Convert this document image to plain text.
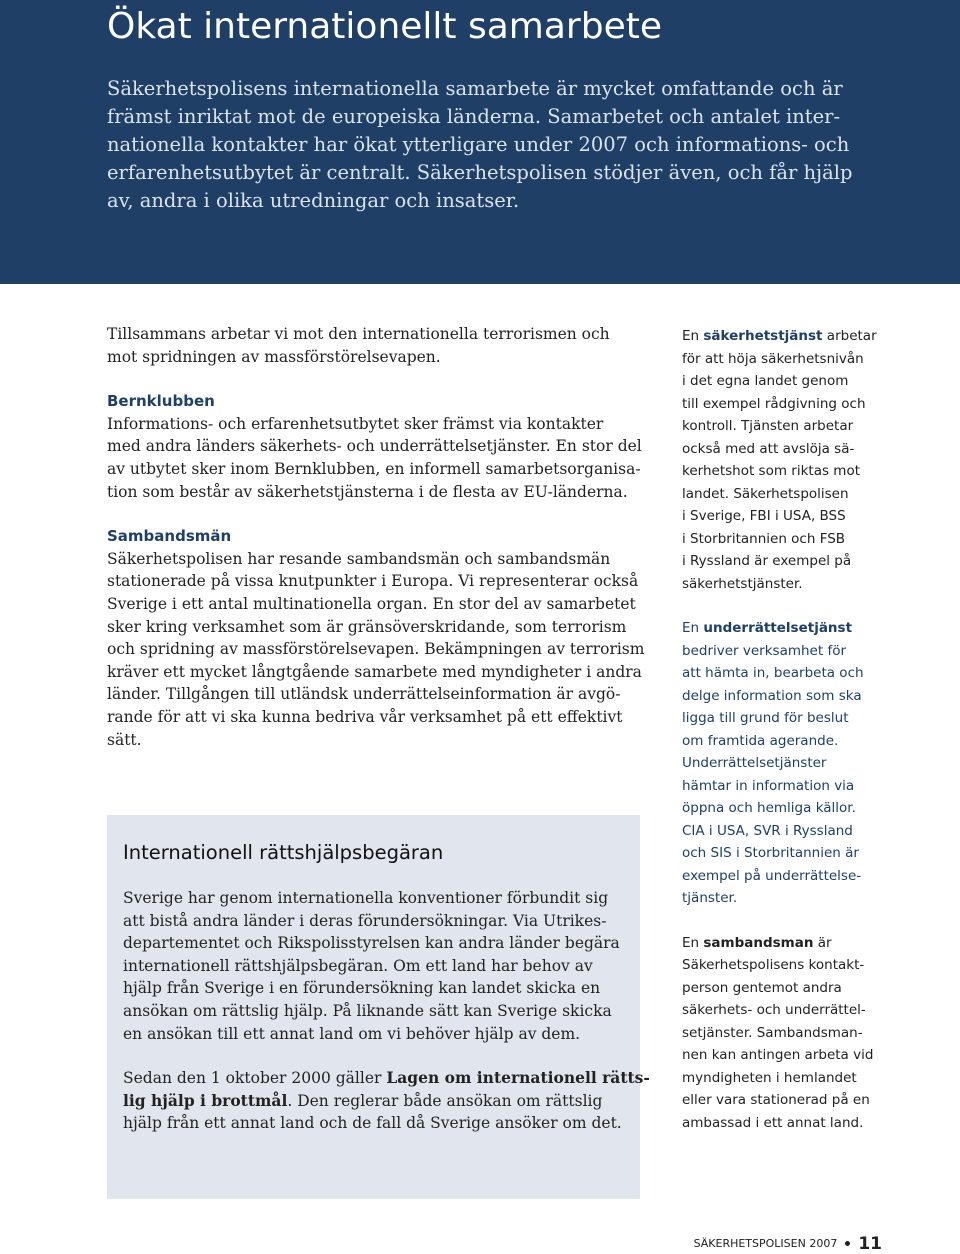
Ökat internationellt samarbete
Säkerhetspolisens internationella samarbete är mycket omfattande och är
främst inriktat mot de europeiska länderna. Samarbetet och antalet inter-
nationella kontakter har ökat ytterligare under 2007 och informations- och
erfarenhetsutbytet är centralt. Säkerhetspolisen stödjer även, och får hjälp
av, andra i olika utredningar och insatser.
Tillsammans arbetar vi mot den internationella terrorismen och
mot spridningen av massförstörelsevapen.
Bernklubben
Informations- och erfarenhetsutbytet sker främst via kontakter
med andra länders säkerhets- och underrättelsetjänster. En stor del
av utbytet sker inom Bernklubben, en informell samarbetsorganisa-
tion som består av säkerhetstjänsterna i de flesta av EU-länderna.
Sambandsmän
Säkerhetspolisen har resande sambandsmän och sambandsmän
stationerade på vissa knutpunkter i Europa. Vi representerar också
Sverige i ett antal multinationella organ. En stor del av samarbetet
sker kring verksamhet som är gränsöverskridande, som terrorism
och spridning av massförstörelsevapen. Bekämpningen av terrorism
kräver ett mycket långtgående samarbete med myndigheter i andra
länder. Tillgången till utländsk underrättelseinformation är avgö-
rande för att vi ska kunna bedriva vår verksamhet på ett effektivt
sätt.
Internationell rättshjälpsbegäran
Sverige har genom internationella konventioner förbundit sig
att bistå andra länder i deras förundersökningar. Via Utrikes-
departementet och Rikspolisstyrelsen kan andra länder begära
internationell rättshjälpsbegäran. Om ett land har behov av
hjälp från Sverige i en förundersökning kan landet skicka en
ansökan om rättslig hjälp. På liknande sätt kan Sverige skicka
en ansökan till ett annat land om vi behöver hjälp av dem.
Sedan den 1 oktober 2000 gäller Lagen om internationell rätts-
lig hjälp i brottmål. Den reglerar både ansökan om rättslig
hjälp från ett annat land och de fall då Sverige ansöker om det.
En säkerhetstjänst arbetar
för att höja säkerhetsnivån
i det egna landet genom
till exempel rådgivning och
kontroll. Tjänsten arbetar
också med att avslöja sä-
kerhetshot som riktas mot
landet. Säkerhetspolisen
i Sverige, FBI i USA, BSS
i Storbritannien och FSB
i Ryssland är exempel på
säkerhetstjänster.
En underrättelsetjänst
bedriver verksamhet för
att hämta in, bearbeta och
delge information som ska
ligga till grund för beslut
om framtida agerande.
Underrättelsetjänster
hämtar in information via
öppna och hemliga källor.
CIA i USA, SVR i Ryssland
och SIS i Storbritannien är
exempel på underrättelse-
tjänster.
En sambandsman är
Säkerhetspolisens kontakt-
person gentemot andra
säkerhets- och underrättel-
setjänster. Sambandsman-
nen kan antingen arbeta vid
myndigheten i hemlandet
eller vara stationerad på en
ambassad i ett annat land.
SÄKERHETSPOLISEN 2007 11
